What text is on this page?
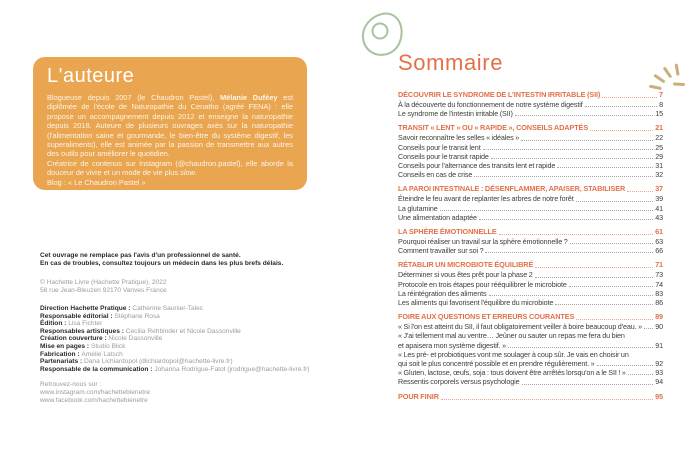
L'auteure

Blogueuse depuis 2007 (le Chaudron Pastel), Mélanie Duféey est diplômée de l'école de Naturopathie du Cenatho (agréé FENA) : elle propose un accompagnement depuis 2012 et enseigne la naturopathie depuis 2018. Auteure de plusieurs ouvrages axés sur la naturopathie (l'alimentation saine et gourmande, le bien-être du système digestif, les superaliments), elle est animée par la passion de transmettre aux autres des outils pour améliorer le quotidien.

Créatrice de contenus sur Instagram (@chaudron.pastel), elle aborde la douceur de vivre et un mode de vie plus slow.

Blog : « Le Chaudron Pastel »

Cet ouvrage ne remplace pas l'avis d'un professionnel de santé.
En cas de troubles, consultez toujours un médecin dans les plus brefs délais.
© Hachette Livre (Hachette Pratique), 2022
58 rue Jean-Bleuzen 92170 Vanves France
Direction Hachette Pratique : Catherine Saunier-Talec
Responsable éditorial : Stéphane Rosa
Édition : Lisa Fichter
Responsables artistiques : Cecilia Rehbinder et Nicole Dassonville
Création couverture : Nicole Dassonville
Mise en pages : Studio Blick
Fabrication : Amélie Latsch
Partenariats : Dana Lichiardopol (dlichiardopol@hachette-livre.fr)
Responsable de la communication : Johanna Rodrigue-Fatot (jrodrigue@hachette-livre.fr)
Retrouvez-nous sur :
www.instagram.com/hachettebienetre
www.facebook.com/hachettebienetre
Sommaire
DÉCOUVRIR LE SYNDROME DE L'INTESTIN IRRITABLE (SII)	7
À la découverte du fonctionnement de notre système digestif	8
Le syndrome de l'intestin irritable (SII)	15
TRANSIT « LENT » OU « RAPIDE », CONSEILS ADAPTÉS	21
Savoir reconnaître les selles « idéales »	22
Conseils pour le transit lent	25
Conseils pour le transit rapide	29
Conseils pour l'alternance des transits lent et rapide	31
Conseils en cas de crise	32
LA PAROI INTESTINALE : DÉSENFLAMMER, APAISER, STABILISER	37
Éteindre le feu avant de replanter les arbres de notre forêt	39
La glutamine	41
Une alimentation adaptée	43
LA SPHÈRE ÉMOTIONNELLE	61
Pourquoi réaliser un travail sur la sphère émotionnelle ?	63
Comment travailler sur soi ?	66
RÉTABLIR UN MICROBIOTE ÉQUILIBRÉ	71
Déterminer si vous êtes prêt pour la phase 2	73
Protocole en trois étapes pour rééquilibrer le microbiote	74
La réintégration des aliments	83
Les aliments qui favorisent l'équilibre du microbiote	86
FOIRE AUX QUESTIONS ET ERREURS COURANTES	89
« Si l'on est atteint du SII, il faut obligatoirement veiller à boire beaucoup d'eau. » 90
« J'ai tellement mal au ventre… Jeûner ou sauter un repas me fera du bien
et apaisera mon système digestif. »	91
« Les pré- et probiotiques vont me soulager à coup sûr. Je vais en choisir un
qui soit le plus concentré possible et en prendre régulièrement. »	92
« Gluten, lactose, œufs, soja : tous doivent être arrêtés lorsqu'on a le SII ! »	93
Ressentis corporels versus psychologie	94
POUR FINIR	95
